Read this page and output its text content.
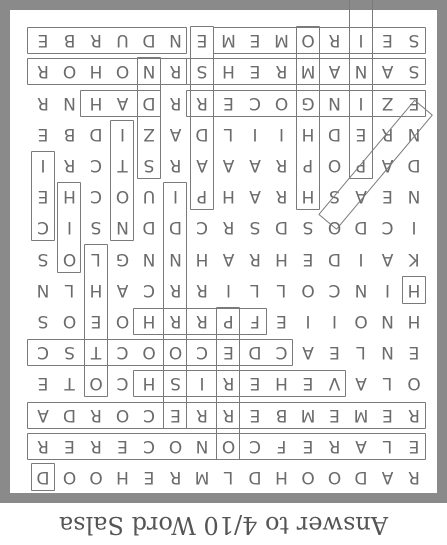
R
A
D
O
O
H
D
L
M
R
E
H
O
O
D
E
L
A
R
E
F
C
O
N
O
C
E
R
E
R
R
E
M
E
M
B
E
R
R
E
C
O
R
D
A
O
L
A
V
E
H
E
R
I
S
H
C
O
T
E
E
N
L
E
A
C
D
E
C
O
O
C
T
S
C
H
N
O
I
I
E
F
P
R
R
H
O
E
O
S
H
I
N
C
O
L
L
I
R
R
C
A
H
L
N
K
A
I
D
E
H
R
A
H
N
N
G
L
O
S
I
C
D
O
S
D
S
R
C
D
D
N
S
I
C
N
E
A
S
H
R
A
H
P
I
U
O
C
H
E
D
A
P
O
P
R
A
A
A
R
S
T
C
R
I
N
R
E
D
H
I
I
L
D
A
Z
I
D
B
E
E
Z
I
N
G
O
C
E
R
R
D
A
H
N
R
S
A
N
A
M
R
E
H
S
R
N
O
H
O
R
S
E
I
R
O
M
E
M
E
N
D
U
R
B
E
Answer to 4/10 Word Salsa
